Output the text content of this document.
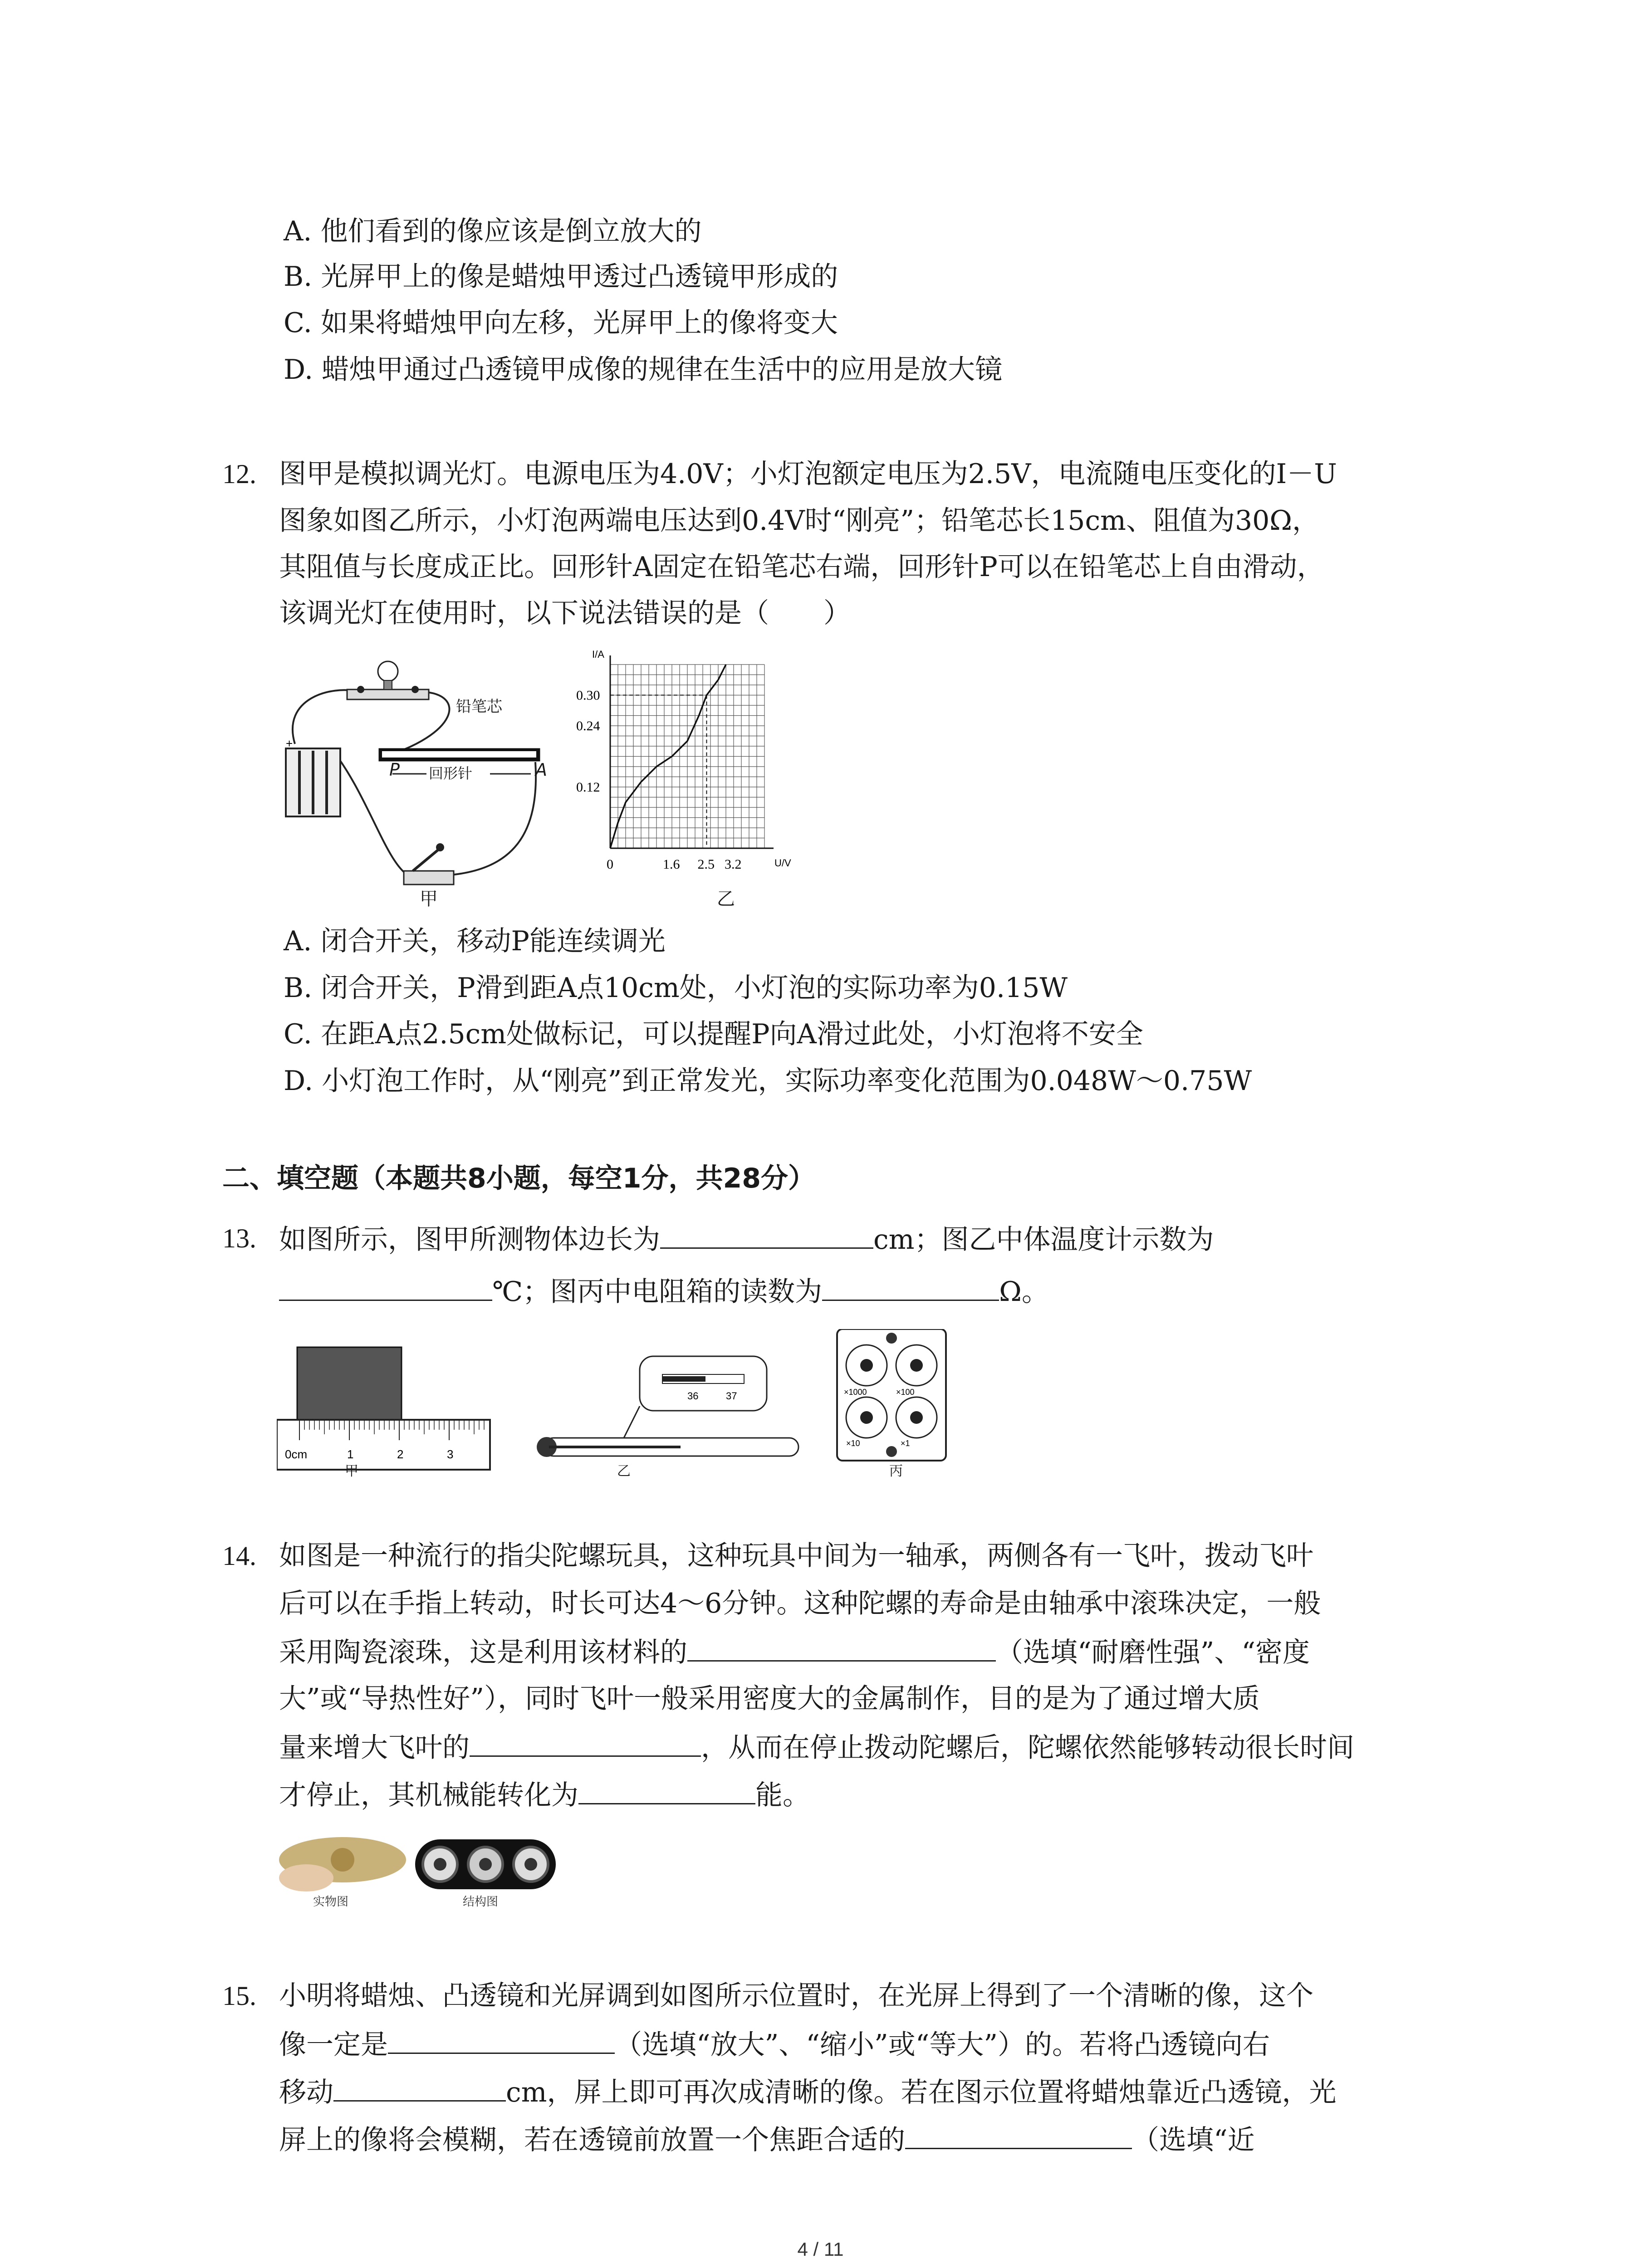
A. 他们看到的像应该是倒立放大的
B. 光屏甲上的像是蜡烛甲透过凸透镜甲形成的
C. 如果将蜡烛甲向左移，光屏甲上的像将变大
D. 蜡烛甲通过凸透镜甲成像的规律在生活中的应用是放大镜
12. 图甲是模拟调光灯。电源电压为4.0V；小灯泡额定电压为2.5V，电流随电压变化的I－U
图象如图乙所示，小灯泡两端电压达到0.4V时“刚亮”；铅笔芯长15cm、阻值为30Ω，
其阻值与长度成正比。回形针A固定在铅笔芯右端，回形针P可以在铅笔芯上自由滑动，
该调光灯在使用时，以下说法错误的是（　　）
+
铅笔芯
回形针
P	A
甲
I/A
U/V
0	1.6 2.5 3.2
0.12
0.24
0.30
乙
A. 闭合开关，移动P能连续调光
B. 闭合开关，P滑到距A点10cm处，小灯泡的实际功率为0.15W
C. 在距A点2.5cm处做标记，可以提醒P向A滑过此处，小灯泡将不安全
D. 小灯泡工作时，从“刚亮”到正常发光，实际功率变化范围为0.048W～0.75W
二、填空题（本题共8小题，每空1分，共28分）
13. 如图所示，图甲所测物体边长为	cm；图乙中体温度计示数为
℃；图丙中电阻箱的读数为	Ω。
0cm	1	2	3
36	37	×1000	×100
×10	×1
甲	乙	丙
14. 如图是一种流行的指尖陀螺玩具，这种玩具中间为一轴承，两侧各有一飞叶，拨动飞叶
后可以在手指上转动，时长可达4～6分钟。这种陀螺的寿命是由轴承中滚珠决定，一般
采用陶瓷滚珠，这是利用该材料的	（选填“耐磨性强”、“密度
大”或“导热性好”），同时飞叶一般采用密度大的金属制作，目的是为了通过增大质
量来增大飞叶的	，从而在停止拨动陀螺后，陀螺依然能够转动很长时间
才停止，其机械能转化为	能。
实物图	结构图
15. 小明将蜡烛、凸透镜和光屏调到如图所示位置时，在光屏上得到了一个清晰的像，这个
像一定是	（选填“放大”、“缩小”或“等大”）的。若将凸透镜向右
移动	cm，屏上即可再次成清晰的像。若在图示位置将蜡烛靠近凸透镜，光
屏上的像将会模糊，若在透镜前放置一个焦距合适的	（选填“近
4 / 11
